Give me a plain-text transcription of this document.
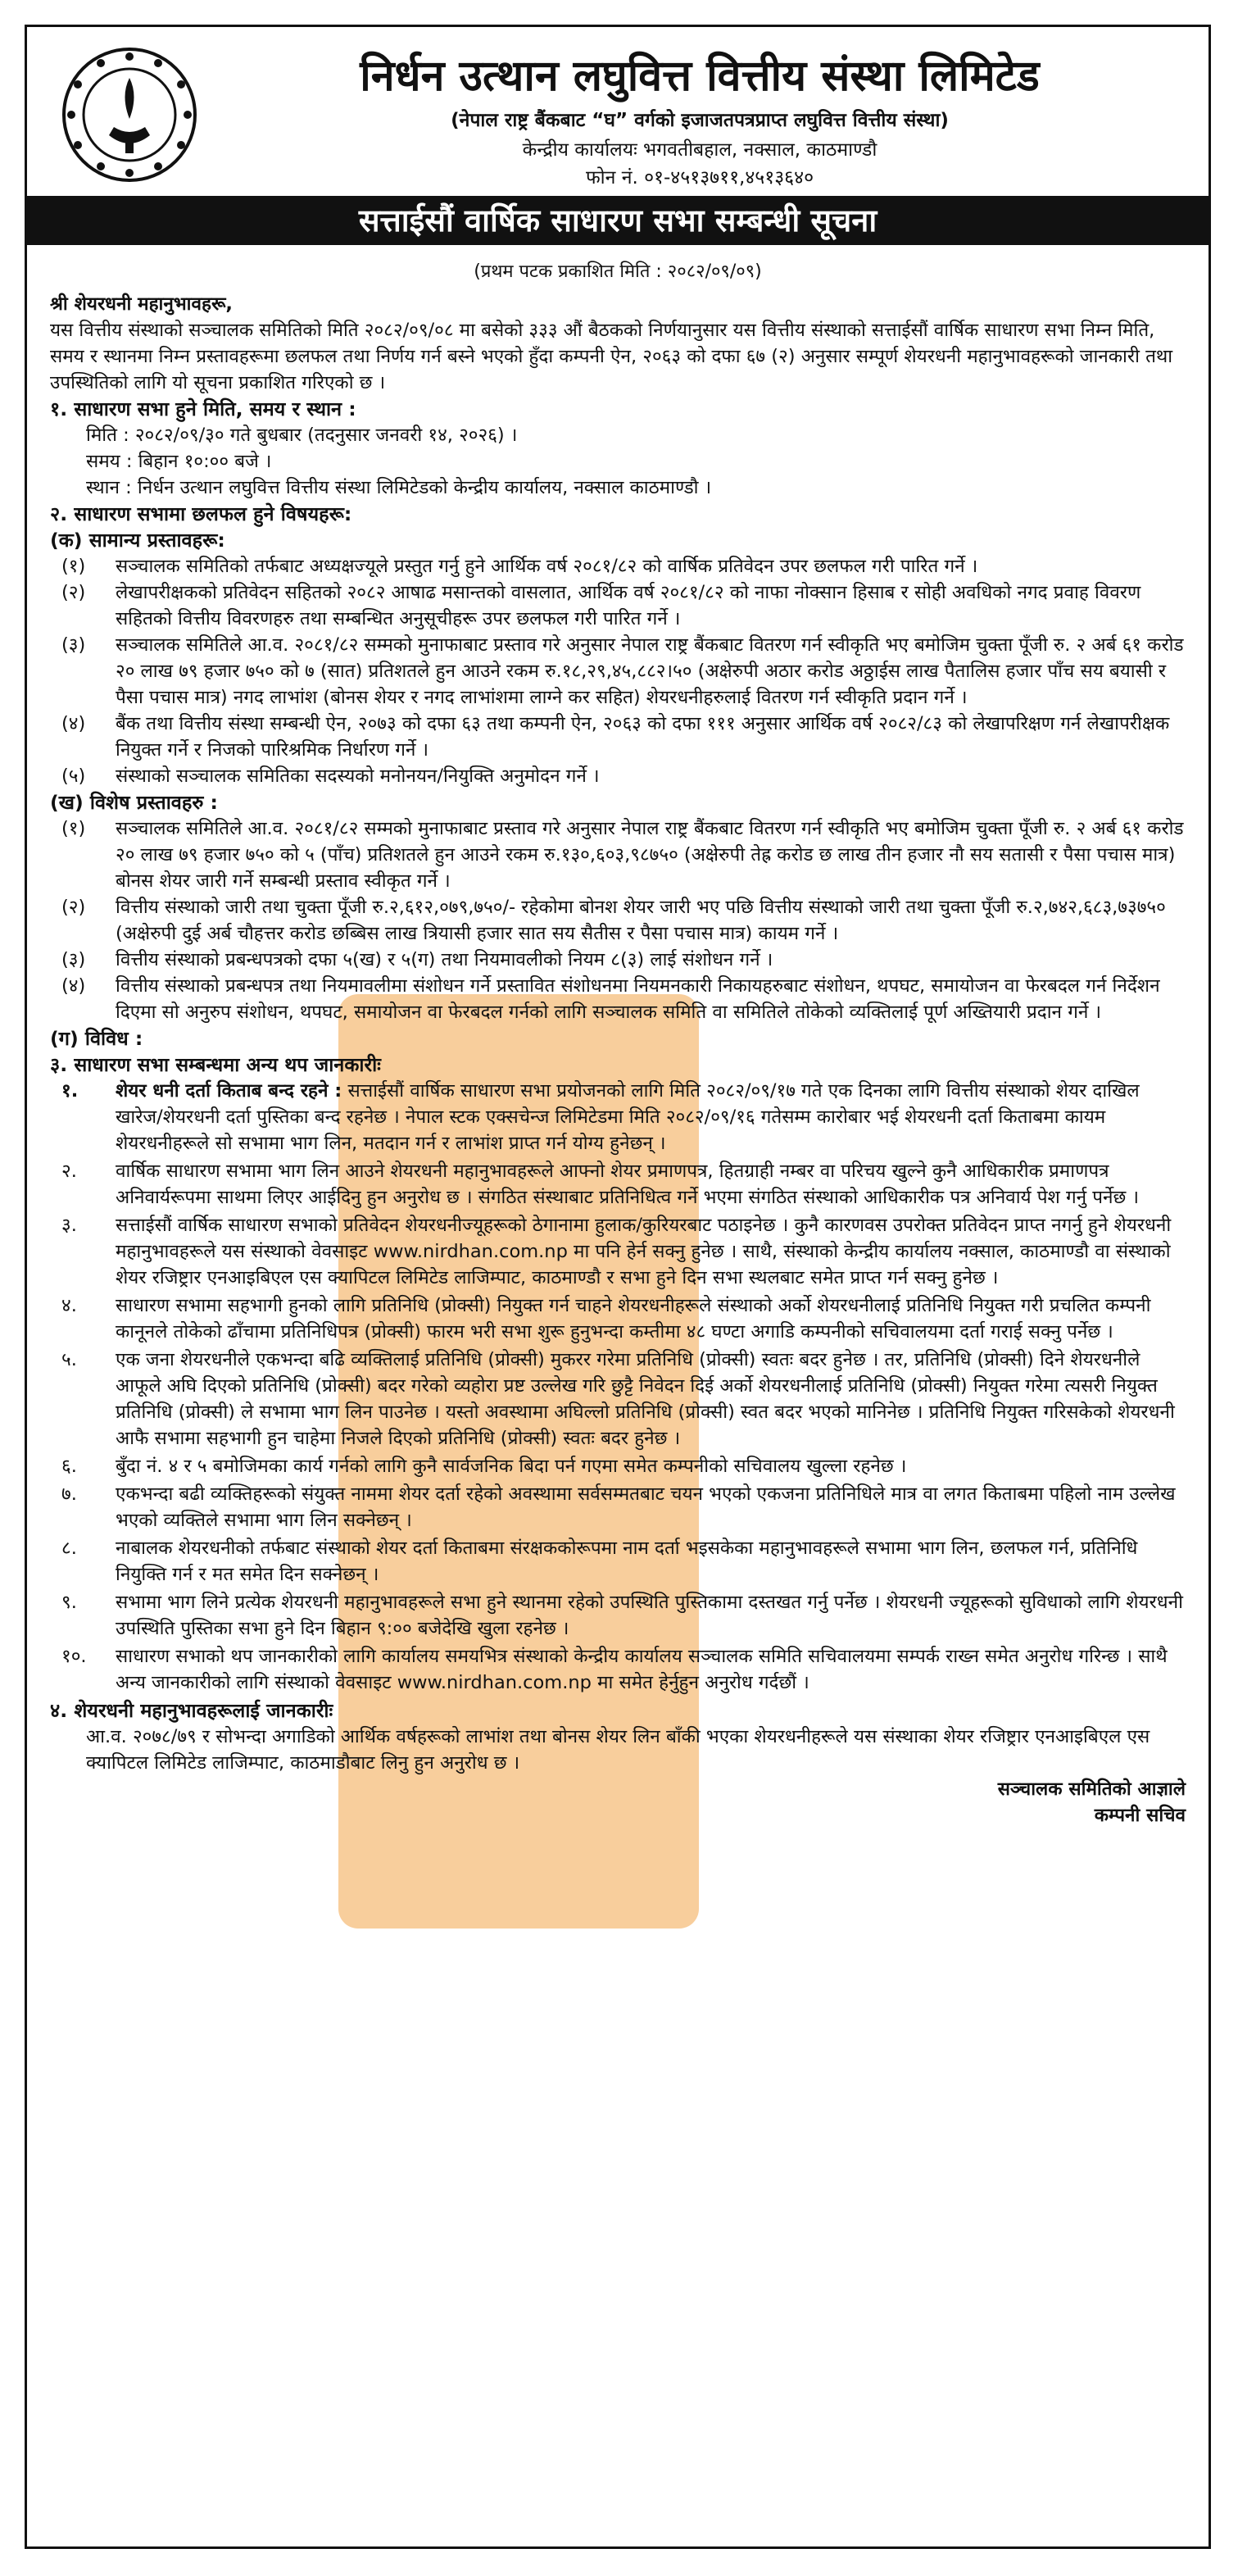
निर्धन उत्थान लघुवित्त वित्तीय संस्था लिमिटेड
(नेपाल राष्ट्र बैंकबाट “घ” वर्गको इजाजतपत्रप्राप्त लघुवित्त वित्तीय संस्था)
केन्द्रीय कार्यालयः भगवतीबहाल, नक्साल, काठमाण्डौ
फोन नं. ०१-४५१३७११,४५१३६४०
सत्ताईसौं वार्षिक साधारण सभा सम्बन्धी सूचना
(प्रथम पटक प्रकाशित मिति : २०८२/०९/०९)

श्री शेयरधनी महानुभावहरू,

यस वित्तीय संस्थाको सञ्चालक समितिको मिति २०८२/०९/०८ मा बसेको ३३३ औं बैठकको निर्णयानुसार यस वित्तीय संस्थाको सत्ताईसौं वार्षिक साधारण सभा निम्न मिति, समय र स्थानमा निम्न प्रस्तावहरूमा छलफल तथा निर्णय गर्न बस्ने भएको हुँदा कम्पनी ऐन, २०६३ को दफा ६७ (२) अनुसार सम्पूर्ण शेयरधनी महानुभावहरूको जानकारी तथा उपस्थितिको लागि यो सूचना प्रकाशित गरिएको छ ।

१. साधारण सभा हुने मिति, समय र स्थान :

मिति : २०८२/०९/३० गते बुधबार (तदनुसार जनवरी १४, २०२६) ।

समय : बिहान १०:०० बजे ।

स्थान : निर्धन उत्थान लघुवित्त वित्तीय संस्था लिमिटेडको केन्द्रीय कार्यालय, नक्साल काठमाण्डौ ।

२. साधारण सभामा छलफल हुने विषयहरू:

(क) सामान्य प्रस्तावहरू:

(१) सञ्चालक समितिको तर्फबाट अध्यक्षज्यूले प्रस्तुत गर्नु हुने आर्थिक वर्ष २०८१/८२ को वार्षिक प्रतिवेदन उपर छलफल गरी पारित गर्ने ।
(२) लेखापरीक्षकको प्रतिवेदन सहितको २०८२ आषाढ मसान्तको वासलात, आर्थिक वर्ष २०८१/८२ को नाफा नोक्सान हिसाब र सोही अवधिको नगद प्रवाह विवरण सहितको वित्तीय विवरणहरु तथा सम्बन्धित अनुसूचीहरू उपर छलफल गरी पारित गर्ने ।
(३) सञ्चालक समितिले आ.व. २०८१/८२ सम्मको मुनाफाबाट प्रस्ताव गरे अनुसार नेपाल राष्ट्र बैंकबाट वितरण गर्न स्वीकृति भए बमोजिम चुक्ता पूँजी रु. २ अर्ब ६१ करोड २० लाख ७९ हजार ७५० को ७ (सात) प्रतिशतले हुन आउने रकम रु.१८,२९,४५,८८२।५० (अक्षेरुपी अठार करोड अठ्ठाईस लाख पैतालिस हजार पाँच सय बयासी र पैसा पचास मात्र) नगद लाभांश (बोनस शेयर र नगद लाभांशमा लाग्ने कर सहित) शेयरधनीहरुलाई वितरण गर्न स्वीकृति प्रदान गर्ने ।
(४) बैंक तथा वित्तीय संस्था सम्बन्धी ऐन, २०७३ को दफा ६३ तथा कम्पनी ऐन, २०६३ को दफा १११ अनुसार आर्थिक वर्ष २०८२/८३ को लेखापरिक्षण गर्न लेखापरीक्षक नियुक्त गर्ने र निजको पारिश्रमिक निर्धारण गर्ने ।
(५) संस्थाको सञ्चालक समितिका सदस्यको मनोनयन/नियुक्ति अनुमोदन गर्ने ।

(ख) विशेष प्रस्तावहरु :

(१) सञ्चालक समितिले आ.व. २०८१/८२ सम्मको मुनाफाबाट प्रस्ताव गरे अनुसार नेपाल राष्ट्र बैंकबाट वितरण गर्न स्वीकृति भए बमोजिम चुक्ता पूँजी रु. २ अर्ब ६१ करोड २० लाख ७९ हजार ७५० को ५ (पाँच) प्रतिशतले हुन आउने रकम रु.१३०,६०३,९८७५० (अक्षेरुपी तेह्र करोड छ लाख तीन हजार नौ सय सतासी र पैसा पचास मात्र) बोनस शेयर जारी गर्ने सम्बन्धी प्रस्ताव स्वीकृत गर्ने ।
(२) वित्तीय संस्थाको जारी तथा चुक्ता पूँजी रु.२,६१२,०७९,७५०/- रहेकोमा बोनश शेयर जारी भए पछि वित्तीय संस्थाको जारी तथा चुक्ता पूँजी रु.२,७४२,६८३,७३७५० (अक्षेरुपी दुई अर्ब चौहत्तर करोड छब्बिस लाख त्रियासी हजार सात सय सैतीस र पैसा पचास मात्र) कायम गर्ने ।
(३) वित्तीय संस्थाको प्रबन्धपत्रको दफा ५(ख) र ५(ग) तथा नियमावलीको नियम ८(३) लाई संशोधन गर्ने ।
(४) वित्तीय संस्थाको प्रबन्धपत्र तथा नियमावलीमा संशोधन गर्ने प्रस्तावित संशोधनमा नियमनकारी निकायहरुबाट संशोधन, थपघट, समायोजन वा फेरबदल गर्न निर्देशन दिएमा सो अनुरुप संशोधन, थपघट, समायोजन वा फेरबदल गर्नको लागि सञ्चालक समिति वा समितिले तोकेको व्यक्तिलाई पूर्ण अख्तियारी प्रदान गर्ने ।

(ग) विविध :

३. साधारण सभा सम्बन्धमा अन्य थप जानकारीः

१. शेयर धनी दर्ता किताब बन्द रहने : सत्ताईसौं वार्षिक साधारण सभा प्रयोजनको लागि मिति २०८२/०९/१७ गते एक दिनका लागि वित्तीय संस्थाको शेयर दाखिल खारेज/शेयरधनी दर्ता पुस्तिका बन्द रहनेछ । नेपाल स्टक एक्सचेन्ज लिमिटेडमा मिति २०८२/०९/१६ गतेसम्म कारोबार भई शेयरधनी दर्ता किताबमा कायम शेयरधनीहरूले सो सभामा भाग लिन, मतदान गर्न र लाभांश प्राप्त गर्न योग्य हुनेछन् ।
२. वार्षिक साधारण सभामा भाग लिन आउने शेयरधनी महानुभावहरूले आफ्नो शेयर प्रमाणपत्र, हितग्राही नम्बर वा परिचय खुल्ने कुनै आधिकारीक प्रमाणपत्र अनिवार्यरूपमा साथमा लिएर आईदिनु हुन अनुरोध छ । संगठित संस्थाबाट प्रतिनिधित्व गर्ने भएमा संगठित संस्थाको आधिकारीक पत्र अनिवार्य पेश गर्नु पर्नेछ ।
३. सत्ताईसौं वार्षिक साधारण सभाको प्रतिवेदन शेयरधनीज्यूहरूको ठेगानामा हुलाक/कुरियरबाट पठाइनेछ । कुनै कारणवस उपरोक्त प्रतिवेदन प्राप्त नगर्नु हुने शेयरधनी महानुभावहरूले यस संस्थाको वेवसाइट www.nirdhan.com.np मा पनि हेर्न सक्नु हुनेछ । साथै, संस्थाको केन्द्रीय कार्यालय नक्साल, काठमाण्डौ वा संस्थाको शेयर रजिष्ट्रार एनआइबिएल एस क्यापिटल लिमिटेड लाजिम्पाट, काठमाण्डौ र सभा हुने दिन सभा स्थलबाट समेत प्राप्त गर्न सक्नु हुनेछ ।
४. साधारण सभामा सहभागी हुनको लागि प्रतिनिधि (प्रोक्सी) नियुक्त गर्न चाहने शेयरधनीहरूले संस्थाको अर्को शेयरधनीलाई प्रतिनिधि नियुक्त गरी प्रचलित कम्पनी कानूनले तोकेको ढाँचामा प्रतिनिधिपत्र (प्रोक्सी) फारम भरी सभा शुरू हुनुभन्दा कम्तीमा ४८ घण्टा अगाडि कम्पनीको सचिवालयमा दर्ता गराई सक्नु पर्नेछ ।
५. एक जना शेयरधनीले एकभन्दा बढि व्यक्तिलाई प्रतिनिधि (प्रोक्सी) मुकरर गरेमा प्रतिनिधि (प्रोक्सी) स्वतः बदर हुनेछ । तर, प्रतिनिधि (प्रोक्सी) दिने शेयरधनीले आफूले अघि दिएको प्रतिनिधि (प्रोक्सी) बदर गरेको व्यहोरा प्रष्ट उल्लेख गरि छुट्टै निवेदन दिई अर्को शेयरधनीलाई प्रतिनिधि (प्रोक्सी) नियुक्त गरेमा त्यसरी नियुक्त प्रतिनिधि (प्रोक्सी) ले सभामा भाग लिन पाउनेछ । यस्तो अवस्थामा अघिल्लो प्रतिनिधि (प्रोक्सी) स्वत बदर भएको मानिनेछ । प्रतिनिधि नियुक्त गरिसकेको शेयरधनी आफै सभामा सहभागी हुन चाहेमा निजले दिएको प्रतिनिधि (प्रोक्सी) स्वतः बदर हुनेछ ।
६. बुँदा नं. ४ र ५ बमोजिमका कार्य गर्नको लागि कुनै सार्वजनिक बिदा पर्न गएमा समेत कम्पनीको सचिवालय खुल्ला रहनेछ ।
७. एकभन्दा बढी व्यक्तिहरूको संयुक्त नाममा शेयर दर्ता रहेको अवस्थामा सर्वसम्मतबाट चयन भएको एकजना प्रतिनिधिले मात्र वा लगत किताबमा पहिलो नाम उल्लेख भएको व्यक्तिले सभामा भाग लिन सक्नेछन् ।
८. नाबालक शेयरधनीको तर्फबाट संस्थाको शेयर दर्ता किताबमा संरक्षककोरूपमा नाम दर्ता भइसकेका महानुभावहरूले सभामा भाग लिन, छलफल गर्न, प्रतिनिधि नियुक्ति गर्न र मत समेत दिन सक्नेछन् ।
९. सभामा भाग लिने प्रत्येक शेयरधनी महानुभावहरूले सभा हुने स्थानमा रहेको उपस्थिति पुस्तिकामा दस्तखत गर्नु पर्नेछ । शेयरधनी ज्यूहरूको सुविधाको लागि शेयरधनी उपस्थिति पुस्तिका सभा हुने दिन बिहान ९:०० बजेदेखि खुला रहनेछ ।
१०. साधारण सभाको थप जानकारीको लागि कार्यालय समयभित्र संस्थाको केन्द्रीय कार्यालय सञ्चालक समिति सचिवालयमा सम्पर्क राख्न समेत अनुरोध गरिन्छ । साथै अन्य जानकारीको लागि संस्थाको वेवसाइट www.nirdhan.com.np मा समेत हेर्नुहुन अनुरोध गर्दछौं ।

४. शेयरधनी महानुभावहरूलाई जानकारीः

आ.व. २०७८/७९ र सोभन्दा अगाडिको आर्थिक वर्षहरूको लाभांश तथा बोनस शेयर लिन बाँकी भएका शेयरधनीहरूले यस संस्थाका शेयर रजिष्ट्रार एनआइबिएल एस क्यापिटल लिमिटेड लाजिम्पाट, काठमाडौबाट लिनु हुन अनुरोध छ ।

सञ्चालक समितिको आज्ञाले

कम्पनी सचिव
